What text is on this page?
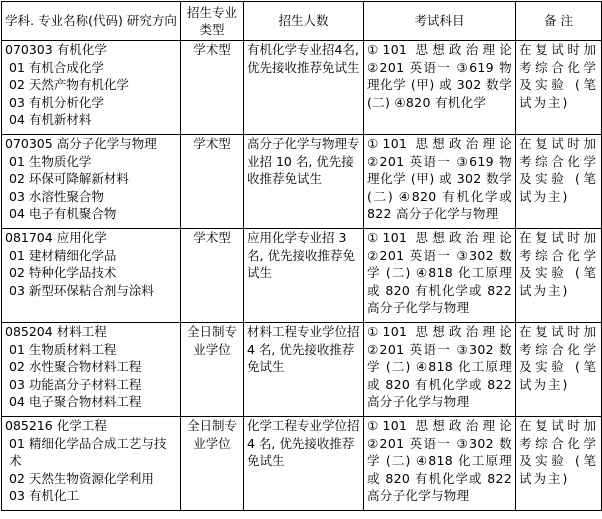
学科. 专业名称(代码) 研究方向	招生专业类型	招生人数	考试科目	备 注

070303 有机化学
01 有机合成化学
02 天然产物有机化学
03 有机分析化学
04 有机新材料	学术型	有机化学专业招4名, 优先接收推荐免试生	①101 思想政治理论 ②201 英语一 ③619 物理化学 (甲) 或 302 数学 (二) ④820 有机化学	在复试时加考综合化学及实验 (笔试为主)

070305 高分子化学与物理
01 生物质化学
02 环保可降解新材料
03 水溶性聚合物
04 电子有机聚合物	学术型	高分子化学与物理专业招 10 名, 优先接收推荐免试生	①101 思想政治理论 ②201 英语一 ③619 物理化学 (甲) 或 302 数学 (二) ④820 有机化学或 822 高分子化学与物理	在复试时加考综合化学及实验 (笔试为主)

081704 应用化学
01 建材精细化学品
02 特种化学品技术
03 新型环保粘合剂与涂料	学术型	应用化学专业招 3 名, 优先接收推荐免试生	①101 思想政治理论 ②201 英语一 ③302 数学 (二) ④818 化工原理或 820 有机化学或 822 高分子化学与物理	在复试时加考综合化学及实验 (笔试为主)

085204 材料工程
01 生物质材料工程
02 水性聚合物材料工程
03 功能高分子材料工程
04 电子聚合物材料工程	全日制专业学位	材料工程专业学位招 4 名, 优先接收推荐免试生	①101 思想政治理论 ②201 英语一 ③302 数学 (二) ④818 化工原理或 820 有机化学或 822 高分子化学与物理	在复试时加考综合化学及实验 (笔试为主)

085216 化学工程
01 精细化学品合成工艺与技术
02 天然生物资源化学利用
03 有机化工	全日制专业学位	化学工程专业学位招 4 名, 优先接收推荐免试生	①101 思想政治理论 ②201 英语一 ③302 数学 (二) ④818 化工原理或 820 有机化学或 822 高分子化学与物理	在复试时加考综合化学及实验 (笔试为主)
